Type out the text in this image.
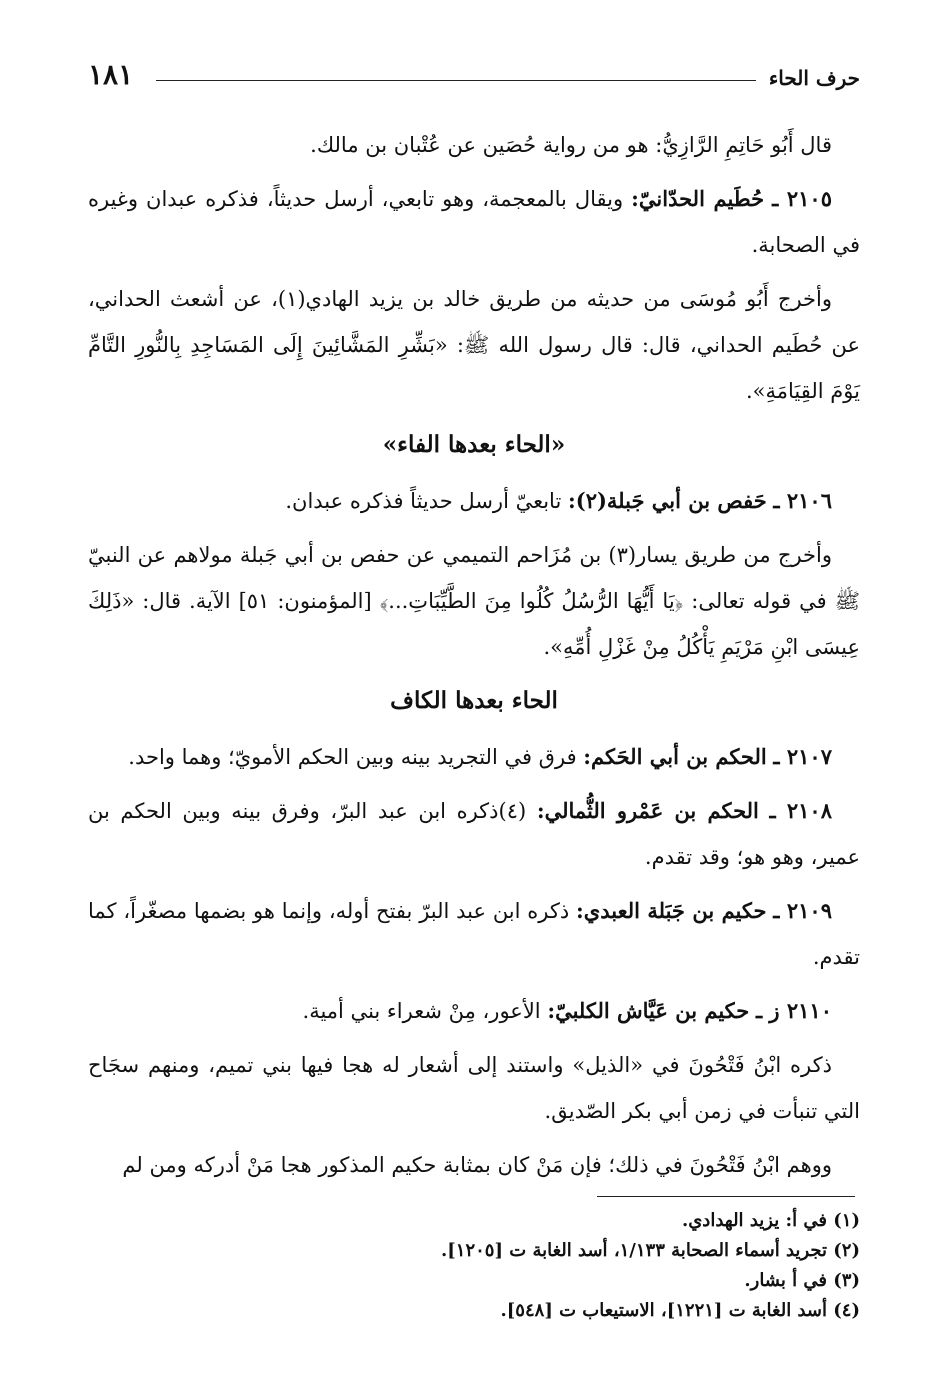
حرف الحاء
١٨١

قال أَبُو حَاتِمِ الرَّازِيُّ: هو من رواية حُصَين عن عُتْبان بن مالك.

٢١٠٥ ـ حُطَيم الحدّانيّ: ويقال بالمعجمة، وهو تابعي، أرسل حديثاً، فذكره عبدان وغيره في الصحابة.

وأخرج أَبُو مُوسَى من حديثه من طريق خالد بن يزيد الهادي(١)، عن أشعث الحداني، عن حُطَيم الحداني، قال: قال رسول الله ﷺ: «بَشِّرِ المَشَّائِينَ إِلَى المَسَاجِدِ بِالنُّورِ التَّامِّ يَوْمَ القِيَامَةِ».

«الحاء بعدها الفاء»

٢١٠٦ ـ حَفص بن أبي جَبلة(٢): تابعيّ أرسل حديثاً فذكره عبدان.

وأخرج من طريق يسار(٣) بن مُزَاحم التميمي عن حفص بن أبي جَبلة مولاهم عن النبيّ ﷺ في قوله تعالى: ﴿يَا أَيُّهَا الرُّسُلُ كُلُوا مِنَ الطَّيِّبَاتِ...﴾ [المؤمنون: ٥١] الآية. قال: «ذَلِكَ عِيسَى ابْنِ مَرْيَمِ يَأْكُلُ مِنْ غَزْلِ أُمِّهِ».

الحاء بعدها الكاف

٢١٠٧ ـ الحكم بن أبي الحَكم: فرق في التجريد بينه وبين الحكم الأمويّ؛ وهما واحد.

٢١٠٨ ـ الحكم بن عَمْرو الثُّمالي: (٤)ذكره ابن عبد البرّ، وفرق بينه وبين الحكم بن عمير، وهو هو؛ وقد تقدم.

٢١٠٩ ـ حكيم بن جَبَلة العبدي: ذكره ابن عبد البرّ بفتح أوله، وإنما هو بضمها مصغّراً، كما تقدم.

٢١١٠ ز ـ حكيم بن عَيَّاش الكلبيّ: الأعور، مِنْ شعراء بني أمية.

ذكره ابْنُ فَتْحُونَ في «الذيل» واستند إلى أشعار له هجا فيها بني تميم، ومنهم سجَاح التي تنبأت في زمن أبي بكر الصّديق.

ووهم ابْنُ فَتْحُونَ في ذلك؛ فإن مَنْ كان بمثابة حكيم المذكور هجا مَنْ أدركه ومن لم

(١) في أ: يزيد الهدادي.
(٢) تجريد أسماء الصحابة ١/١٣٣، أسد الغابة ت [١٢٠٥].
(٣) في أ بشار.
(٤) أسد الغابة ت [١٢٢١]، الاستيعاب ت [٥٤٨].
